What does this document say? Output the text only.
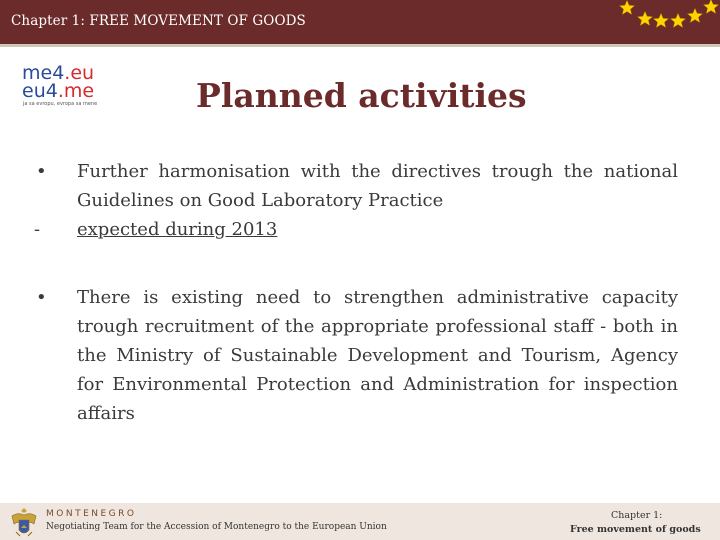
Chapter 1: FREE MOVEMENT OF GOODS
me4.eu
eu4.me
ja sa evropu, evropa sa mene	Planned activities
• Further harmonisation with the directives trough the national Guidelines on Good Laboratory Practice
- expected during 2013
• There is existing need to strengthen administrative capacity trough recruitment of the appropriate professional staff - both in the Ministry of Sustainable Development and Tourism, Agency for Environmental Protection and Administration for inspection affairs
MONTENEGRO
Negotiating Team for the Accession of Montenegro to the European Union
Chapter 1:
Free movement of goods
